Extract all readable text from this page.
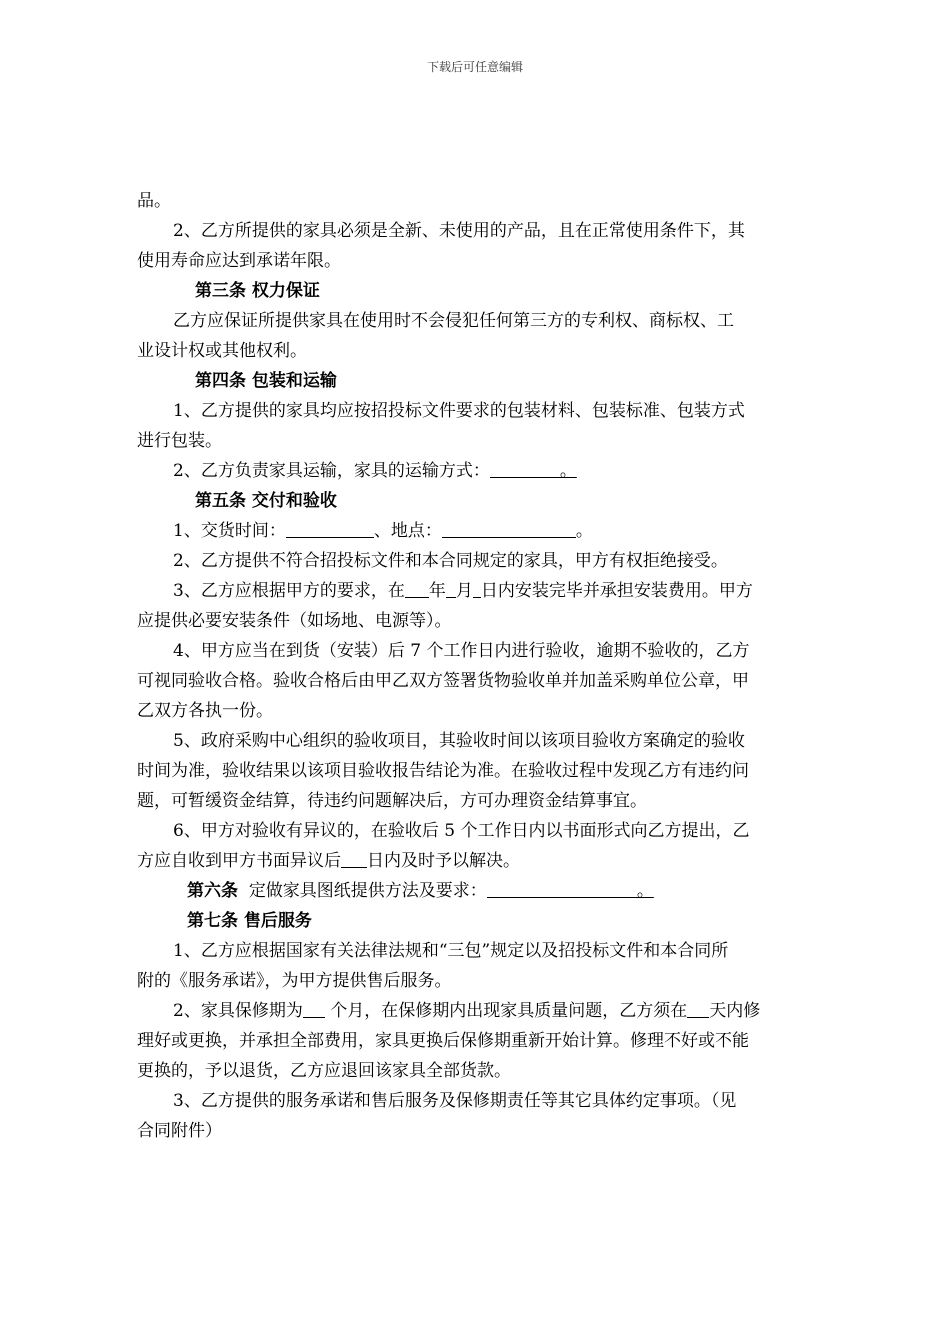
下载后可任意编辑
品。
2、乙方所提供的家具必须是全新、未使用的产品，且在正常使用条件下，其
使用寿命应达到承诺年限。
第三条 权力保证
乙方应保证所提供家具在使用时不会侵犯任何第三方的专利权、商标权、工
业设计权或其他权利。
第四条 包装和运输
1、乙方提供的家具均应按招投标文件要求的包装材料、包装标准、包装方式
进行包装。
2、乙方负责家具运输，家具的运输方式：	。
第五条 交付和验收
1、交货时间：	、地点：	。
2、乙方提供不符合招投标文件和本合同规定的家具，甲方有权拒绝接受。
3、乙方应根据甲方的要求，在 年 月 日内安装完毕并承担安装费用。甲方
应提供必要安装条件（如场地、电源等）。
4、甲方应当在到货（安装）后 7 个工作日内进行验收，逾期不验收的，乙方
可视同验收合格。验收合格后由甲乙双方签署货物验收单并加盖采购单位公章，甲
乙双方各执一份。
5、政府采购中心组织的验收项目，其验收时间以该项目验收方案确定的验收
时间为准，验收结果以该项目验收报告结论为准。在验收过程中发现乙方有违约问
题，可暂缓资金结算，待违约问题解决后，方可办理资金结算事宜。
6、甲方对验收有异议的，在验收后 5 个工作日内以书面形式向乙方提出，乙
方应自收到甲方书面异议后 日内及时予以解决。
第六条 定做家具图纸提供方法及要求：	。
第七条 售后服务
1、乙方应根据国家有关法律法规和“三包”规定以及招投标文件和本合同所
附的《服务承诺》，为甲方提供售后服务。
2、家具保修期为 个月，在保修期内出现家具质量问题，乙方须在 天内修
理好或更换，并承担全部费用，家具更换后保修期重新开始计算。修理不好或不能
更换的，予以退货，乙方应退回该家具全部货款。
3、乙方提供的服务承诺和售后服务及保修期责任等其它具体约定事项。（见
合同附件）
